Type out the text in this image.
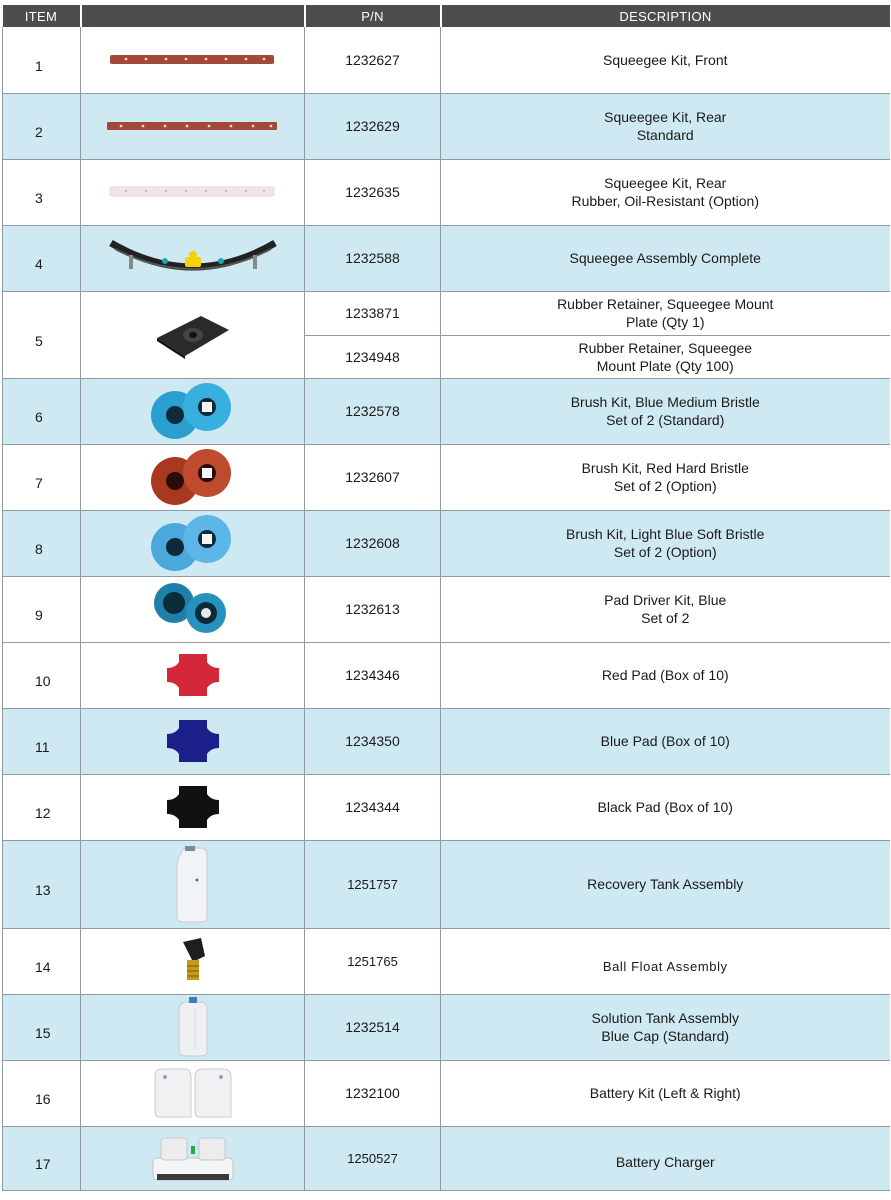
ITEM		P/N	DESCRIPTION
1		1232627	Squeegee Kit, Front
2		1232629	Squeegee Kit, Rear
Standard
3		1232635	Squeegee Kit, Rear
Rubber, Oil-Resistant (Option)
4		1232588	Squeegee Assembly Complete
5		1233871	Rubber Retainer, Squeegee Mount
Plate (Qty 1)
		1234948	Rubber Retainer, Squeegee
Mount Plate (Qty 100)
6		1232578	Brush Kit, Blue Medium Bristle
Set of 2 (Standard)
7		1232607	Brush Kit, Red Hard Bristle
Set of 2 (Option)
8		1232608	Brush Kit, Light Blue Soft Bristle
Set of 2 (Option)
9		1232613	Pad Driver Kit, Blue
Set of 2
10		1234346	Red Pad (Box of 10)
11		1234350	Blue Pad (Box of 10)
12		1234344	Black Pad (Box of 10)
13		1251757	Recovery Tank Assembly
14		1251765	Ball Float Assembly
15		1232514	Solution Tank Assembly
Blue Cap (Standard)
16		1232100	Battery Kit (Left & Right)
17		1250527	Battery Charger
